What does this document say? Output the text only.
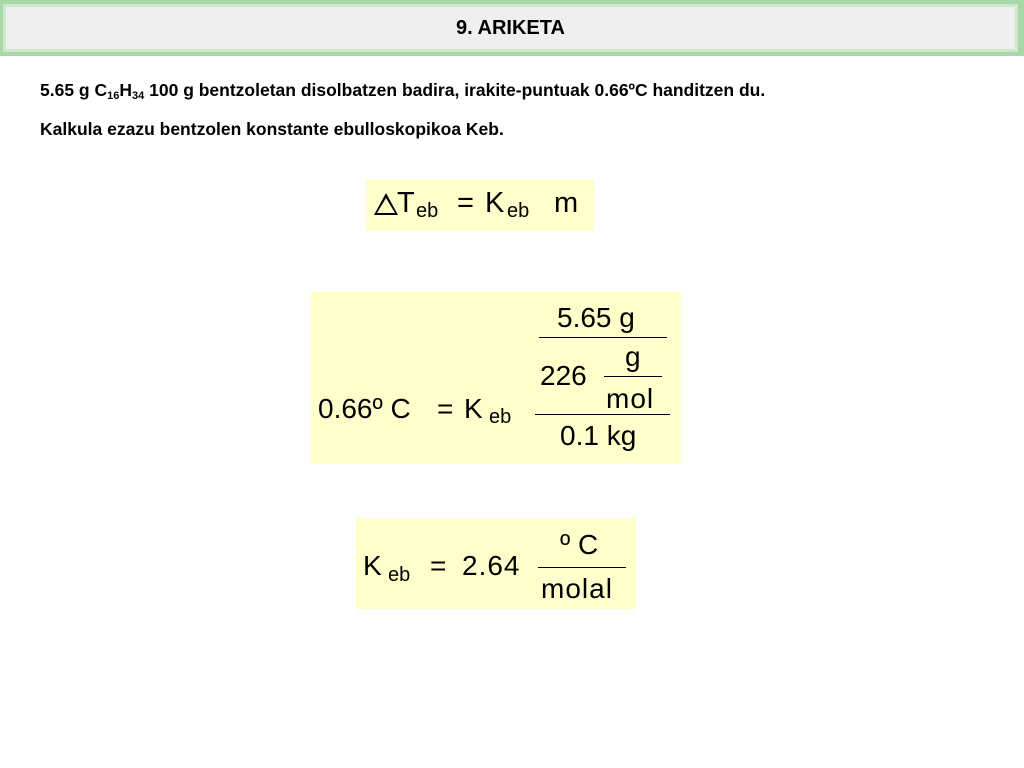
9. ARIKETA
5.65 g $C_{16}H_{34}$ 100 g bentzoletan disolbatzen badira, irakite-puntuak 0.66ºC handitzen du.
Kalkula ezazu bentzolen konstante ebulloskopikoa Keb.
T eb = K eb m
0.66º C = K eb
5.65 g
226
g
mol
0.1 kg
K eb = 2.64
º C
molal
